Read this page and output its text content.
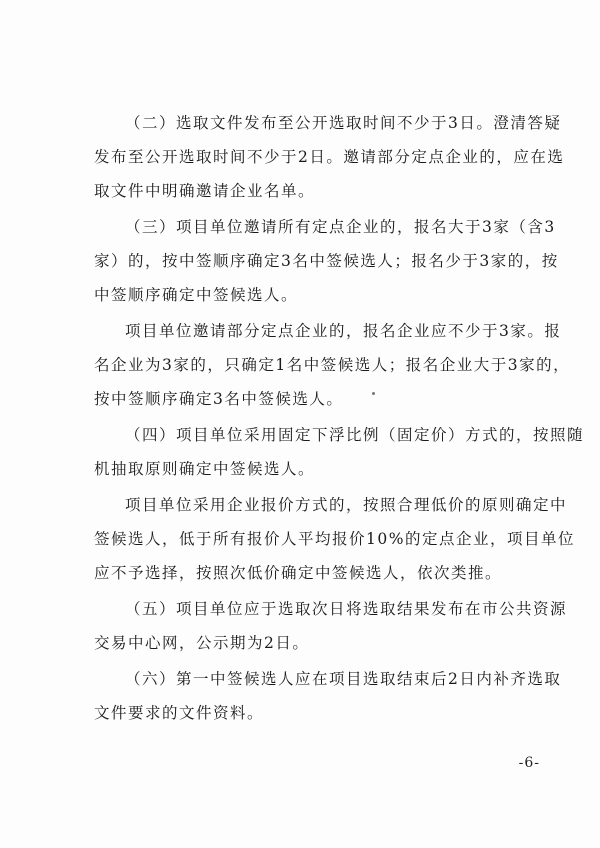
（二）选取文件发布至公开选取时间不少于3日。澄清答疑
发布至公开选取时间不少于2日。邀请部分定点企业的，应在选
取文件中明确邀请企业名单。

（三）项目单位邀请所有定点企业的，报名大于3家（含3
家）的，按中签顺序确定3名中签候选人；报名少于3家的，按
中签顺序确定中签候选人。

项目单位邀请部分定点企业的，报名企业应不少于3家。报
名企业为3家的，只确定1名中签候选人；报名企业大于3家的，
按中签顺序确定3名中签候选人。

（四）项目单位采用固定下浮比例（固定价）方式的，按照随
机抽取原则确定中签候选人。

项目单位采用企业报价方式的，按照合理低价的原则确定中
签候选人，低于所有报价人平均报价10%的定点企业，项目单位
应不予选择，按照次低价确定中签候选人，依次类推。

（五）项目单位应于选取次日将选取结果发布在市公共资源
交易中心网，公示期为2日。

（六）第一中签候选人应在项目选取结束后2日内补齐选取
文件要求的文件资料。

-6-
